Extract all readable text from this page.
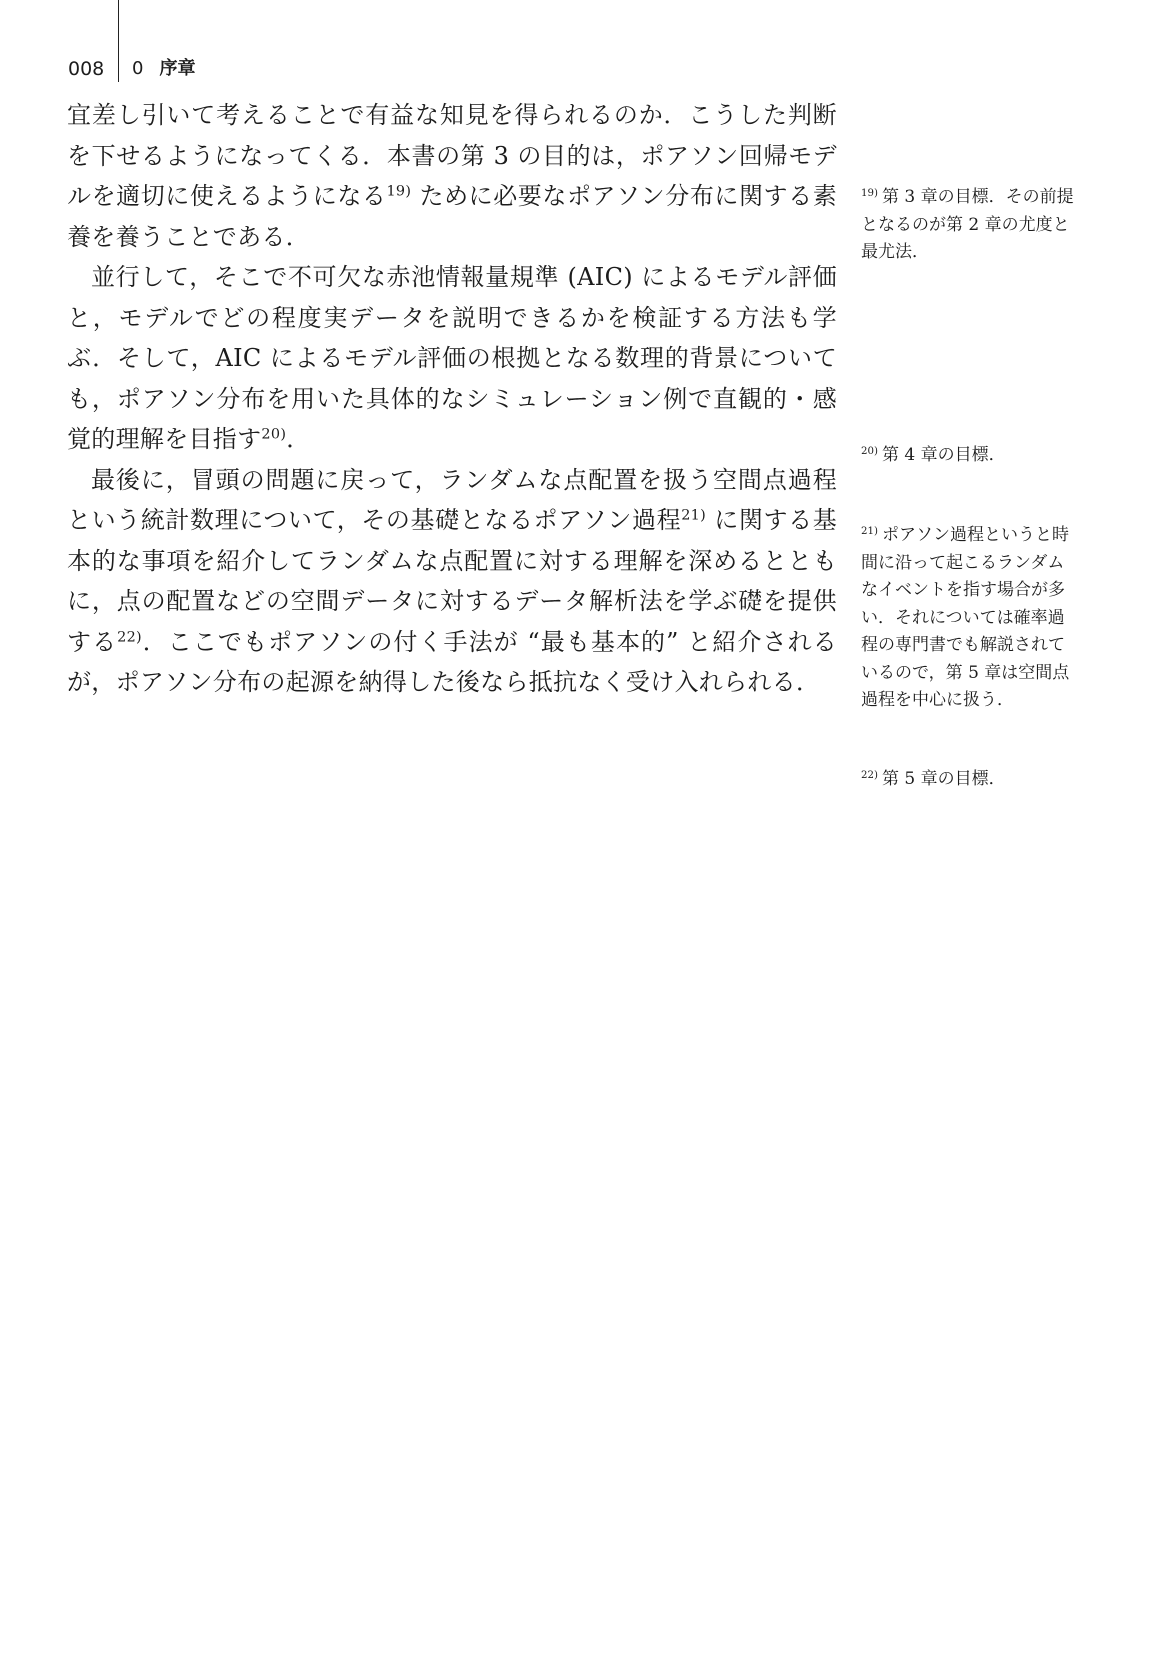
008 0 序章

宜差し引いて考えることで有益な知見を得られるのか．こうした判断を下せるようになってくる．本書の第 3 の目的は，ポアソン回帰モデルを適切に使えるようになる$^{19)}$ ために必要なポアソン分布に関する素養を養うことである．

並行して，そこで不可欠な赤池情報量規準 (AIC) によるモデル評価と，モデルでどの程度実データを説明できるかを検証する方法も学ぶ．そして，AIC によるモデル評価の根拠となる数理的背景についても，ポアソン分布を用いた具体的なシミュレーション例で直観的・感覚的理解を目指す$^{20)}$．

最後に，冒頭の問題に戻って，ランダムな点配置を扱う空間点過程という統計数理について，その基礎となるポアソン過程$^{21)}$ に関する基本的な事項を紹介してランダムな点配置に対する理解を深めるとともに，点の配置などの空間データに対するデータ解析法を学ぶ礎を提供する$^{22)}$．ここでもポアソンの付く手法が “最も基本的” と紹介されるが，ポアソン分布の起源を納得した後なら抵抗なく受け入れられる．

$^{19)}$ 第 3 章の目標．その前提となるのが第 2 章の尤度と最尤法．
$^{20)}$ 第 4 章の目標．
$^{21)}$ ポアソン過程というと時間に沿って起こるランダムなイベントを指す場合が多い．それについては確率過程の専門書でも解説されているので，第 5 章は空間点過程を中心に扱う．
$^{22)}$ 第 5 章の目標．
